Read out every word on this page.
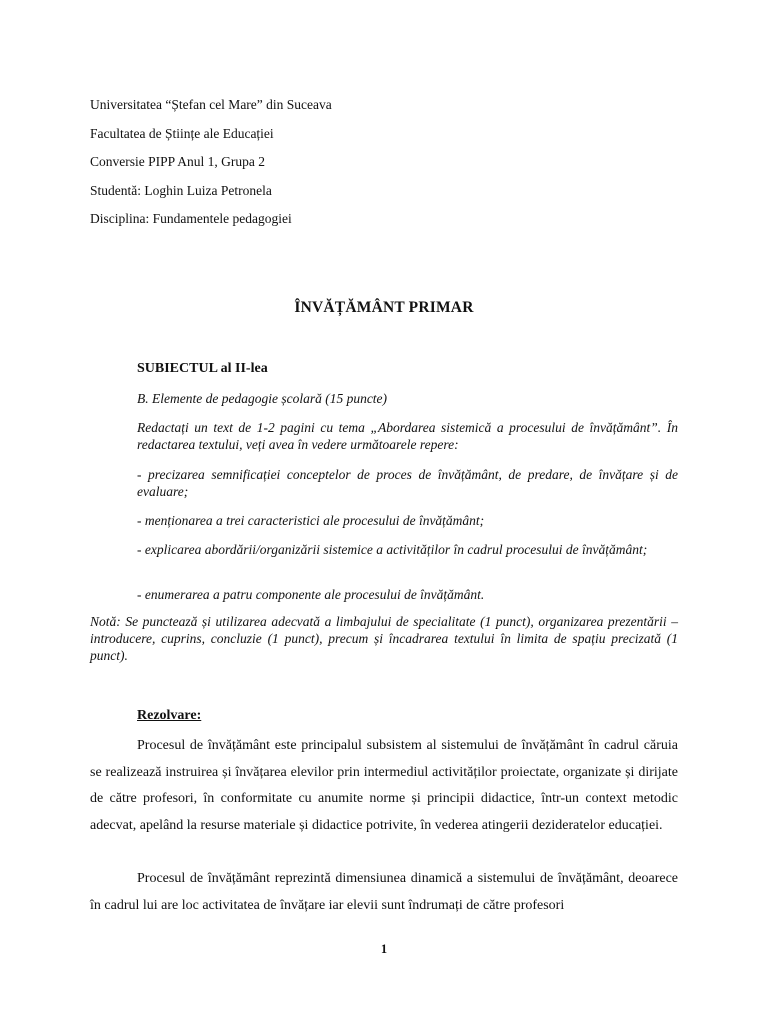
Universitatea “Ștefan cel Mare” din Suceava
Facultatea de Științe ale Educației
Conversie PIPP Anul 1, Grupa 2
Studentă: Loghin Luiza Petronela
Disciplina: Fundamentele pedagogiei
ÎNVĂȚĂMÂNT PRIMAR
SUBIECTUL al II-lea
B. Elemente de pedagogie școlară (15 puncte)
Redactați un text de 1-2 pagini cu tema „Abordarea sistemică a procesului de învățământ”. În redactarea textului, veți avea în vedere următoarele repere:
- precizarea semnificației conceptelor de proces de învățământ, de predare, de învățare și de evaluare;
- menționarea a trei caracteristici ale procesului de învățământ;
- explicarea abordării/organizării sistemice a activităților în cadrul procesului de învățământ;
- enumerarea a patru componente ale procesului de învățământ.
Notă: Se punctează și utilizarea adecvată a limbajului de specialitate (1 punct), organizarea prezentării – introducere, cuprins, concluzie (1 punct), precum și încadrarea textului în limita de spațiu precizată (1 punct).
Rezolvare:
Procesul de învățământ este principalul subsistem al sistemului de învățământ în cadrul căruia se realizează instruirea și învățarea elevilor prin intermediul activităților proiectate, organizate și dirijate de către profesori, în conformitate cu anumite norme și principii didactice, într-un context metodic adecvat, apelând la resurse materiale și didactice potrivite, în vederea atingerii dezideratelor educației.
Procesul de învățământ reprezintă dimensiunea dinamică a sistemului de învățământ, deoarece în cadrul lui are loc activitatea de învățare iar elevii sunt îndrumați de către profesori
1
